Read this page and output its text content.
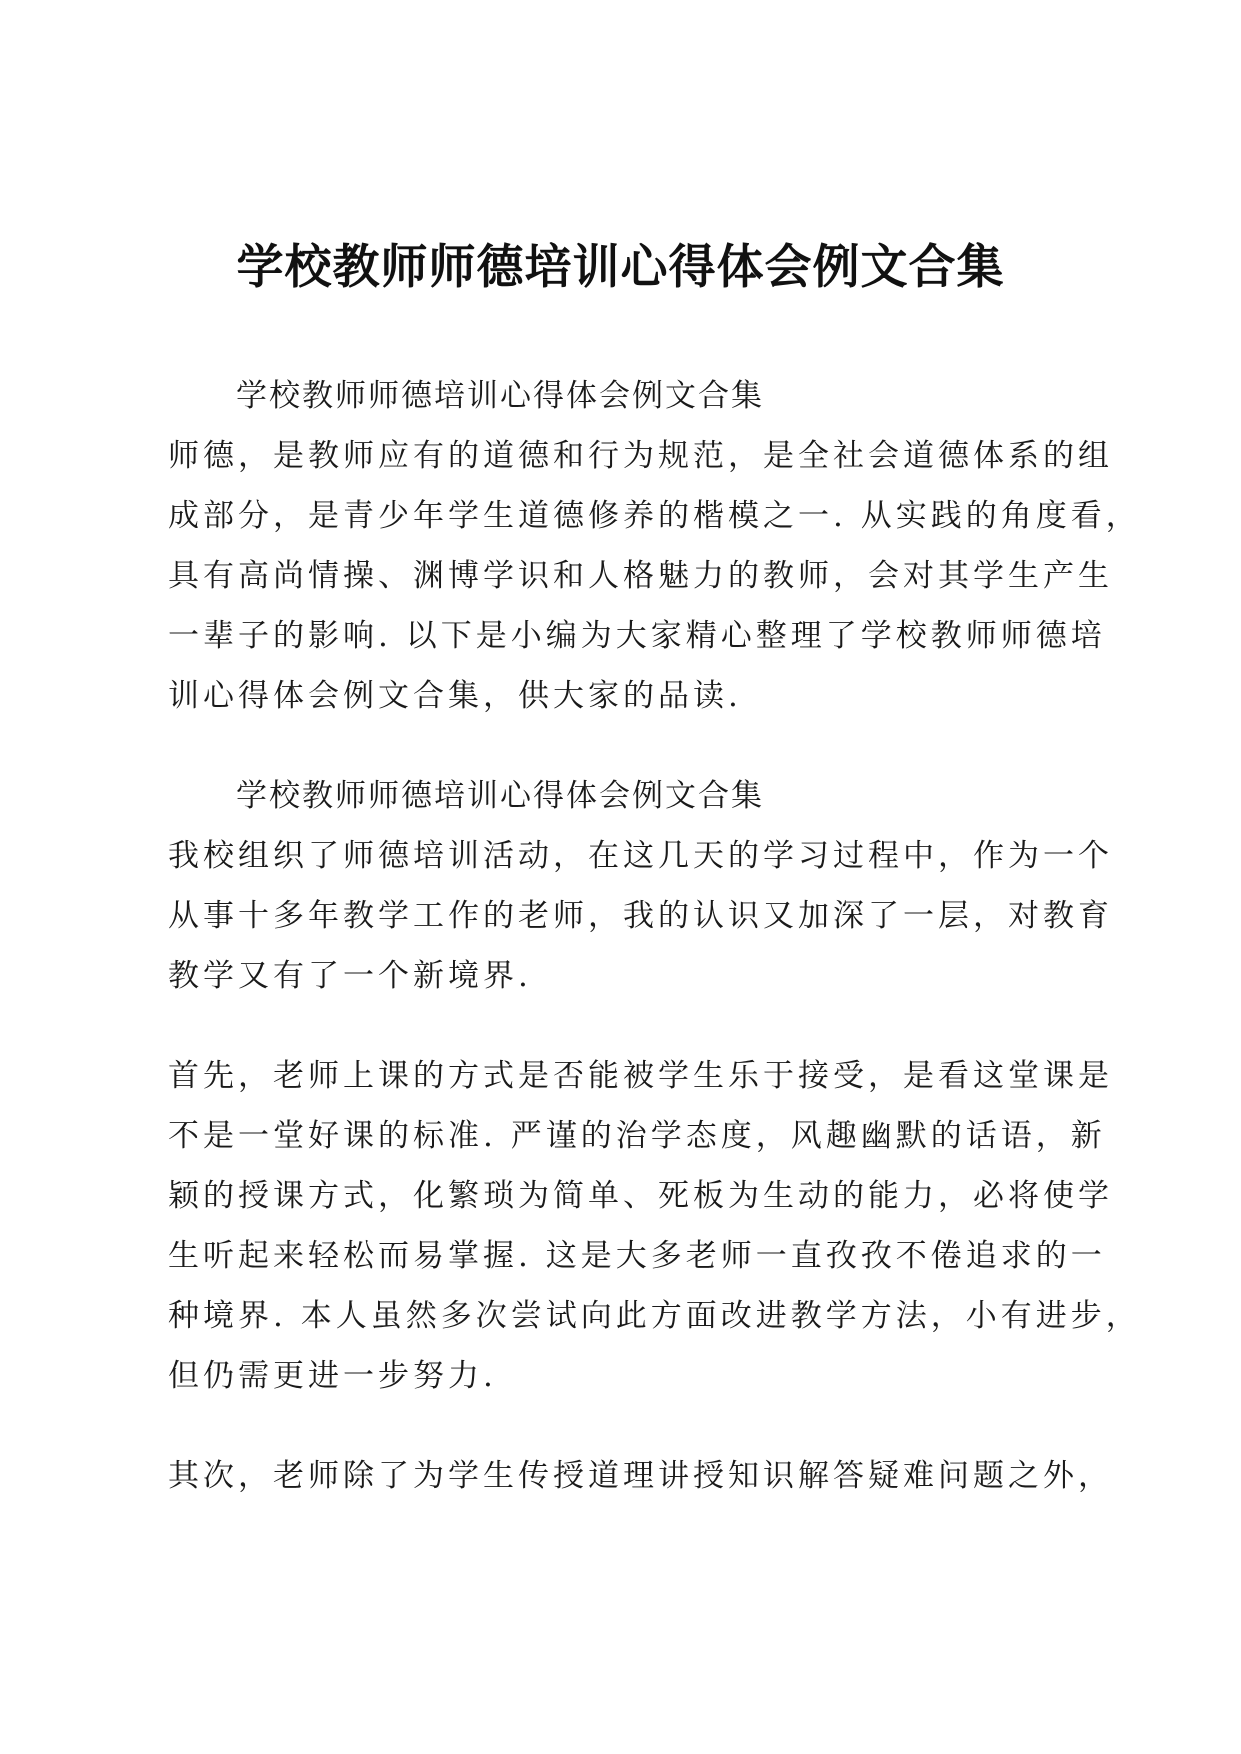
学校教师师德培训心得体会例文合集
学校教师师德培训心得体会例文合集
师德，是教师应有的道德和行为规范，是全社会道德体系的组
成部分，是青少年学生道德修养的楷模之一. 从实践的角度看，
具有高尚情操、渊博学识和人格魅力的教师，会对其学生产生
一辈子的影响. 以下是小编为大家精心整理了学校教师师德培
训心得体会例文合集，供大家的品读.
学校教师师德培训心得体会例文合集
我校组织了师德培训活动，在这几天的学习过程中，作为一个
从事十多年教学工作的老师，我的认识又加深了一层，对教育
教学又有了一个新境界.
首先，老师上课的方式是否能被学生乐于接受，是看这堂课是
不是一堂好课的标准. 严谨的治学态度，风趣幽默的话语，新
颖的授课方式，化繁琐为简单、死板为生动的能力，必将使学
生听起来轻松而易掌握. 这是大多老师一直孜孜不倦追求的一
种境界. 本人虽然多次尝试向此方面改进教学方法，小有进步，
但仍需更进一步努力.
其次，老师除了为学生传授道理讲授知识解答疑难问题之外，
